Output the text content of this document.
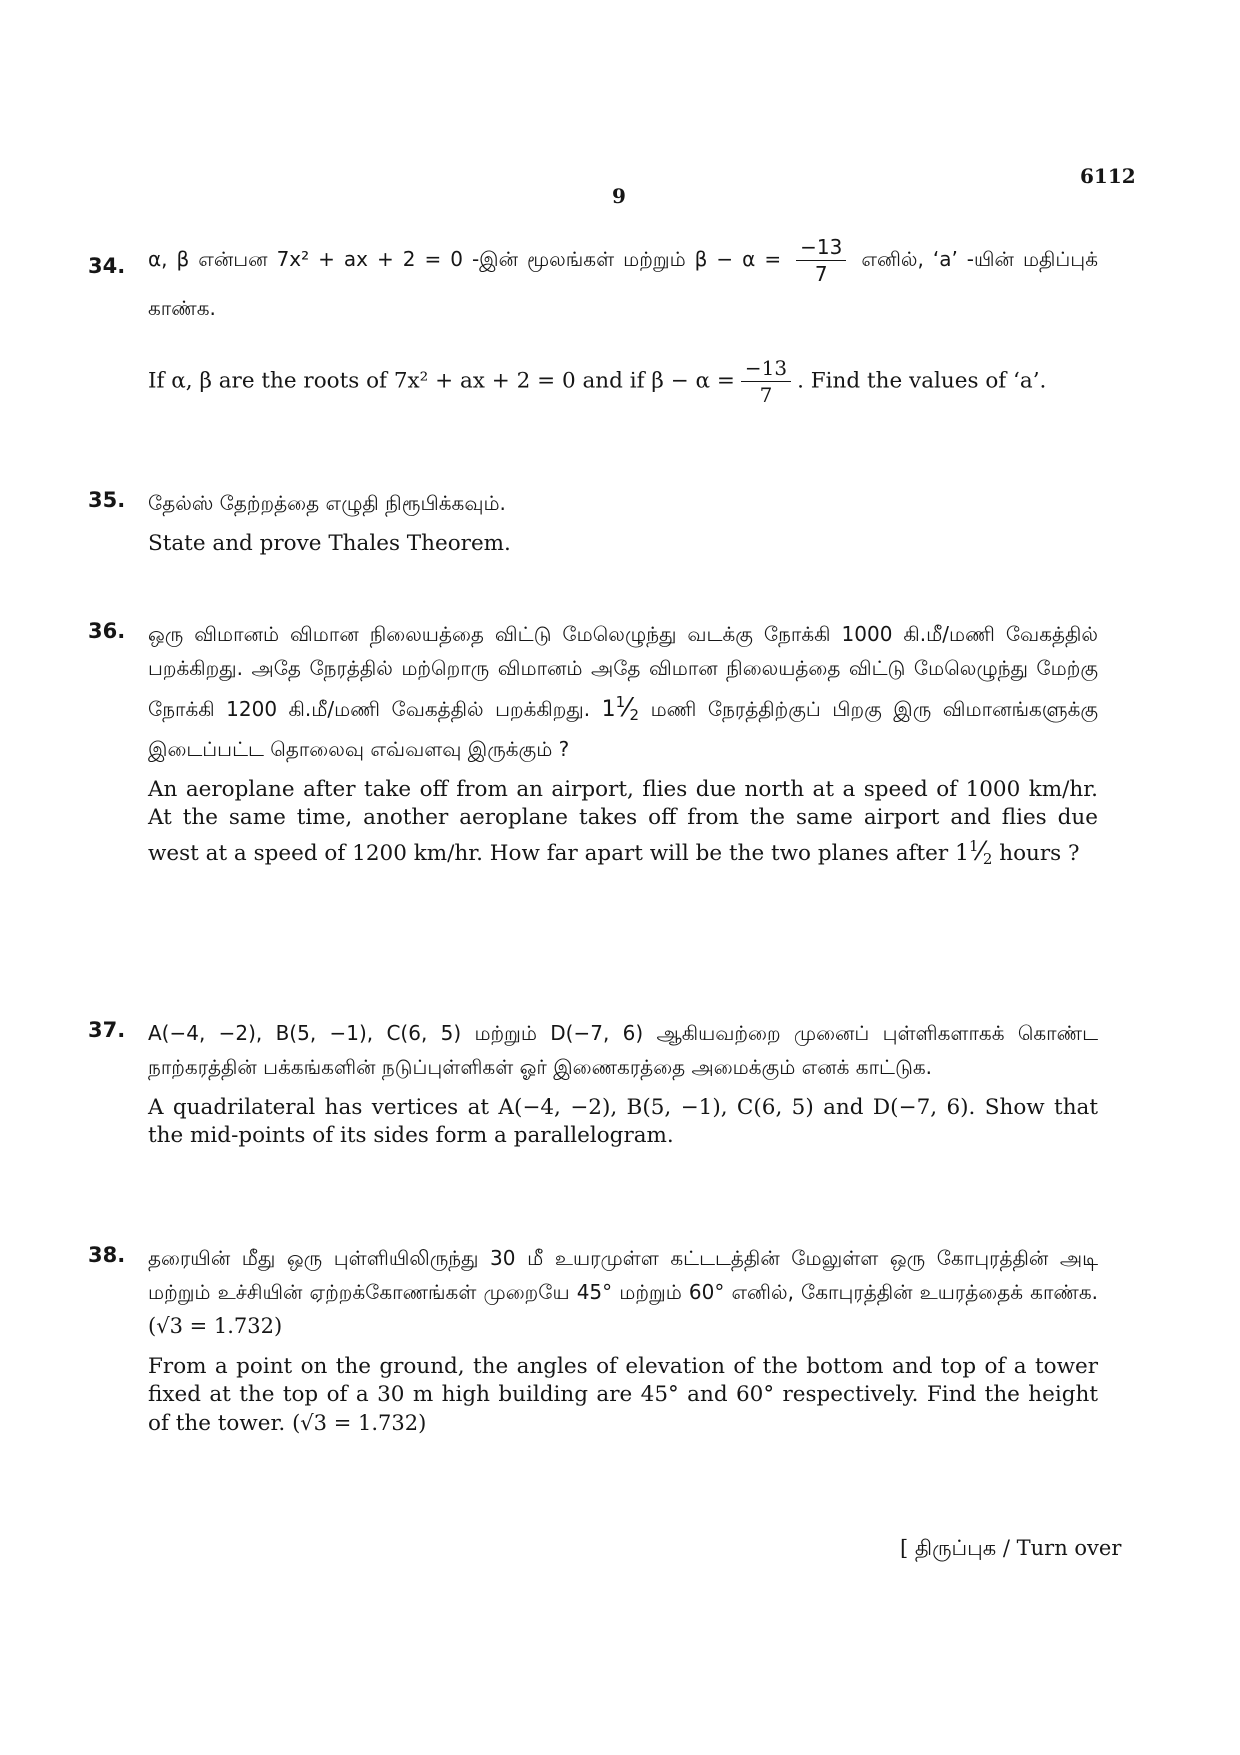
6112
9
34. α, β என்பன 7x² + ax + 2 = 0 -இன் மூலங்கள் மற்றும் $\beta - \alpha = \frac{-13}{7}$ எனில், ‘a’ -யின் மதிப்புக் காண்க.
If α, β are the roots of 7x² + ax + 2 = 0 and if $\beta - \alpha = \frac{-13}{7}$ . Find the values of ‘a’.
35. தேல்ஸ் தேற்றத்தை எழுதி நிரூபிக்கவும்.
State and prove Thales Theorem.
36. ஒரு விமானம் விமான நிலையத்தை விட்டு மேலெழுந்து வடக்கு நோக்கி 1000 கி.மீ/மணி வேகத்தில் பறக்கிறது. அதே நேரத்தில் மற்றொரு விமானம் அதே விமான நிலையத்தை விட்டு மேலெழுந்து மேற்கு நோக்கி 1200 கி.மீ/மணி வேகத்தில் பறக்கிறது. $1^1⁄_2$ மணி நேரத்திற்குப் பிறகு இரு விமானங்களுக்கு இடைப்பட்ட தொலைவு எவ்வளவு இருக்கும் ?
An aeroplane after take off from an airport, flies due north at a speed of 1000 km/hr. At the same time, another aeroplane takes off from the same airport and flies due west at a speed of 1200 km/hr. How far apart will be the two planes after $1^1⁄_2$ hours ?
37. A(−4, −2), B(5, −1), C(6, 5) மற்றும் D(−7, 6) ஆகியவற்றை முனைப் புள்ளிகளாகக் கொண்ட நாற்கரத்தின் பக்கங்களின் நடுப்புள்ளிகள் ஓர் இணைகரத்தை அமைக்கும் எனக் காட்டுக.
A quadrilateral has vertices at A(−4, −2), B(5, −1), C(6, 5) and D(−7, 6). Show that the mid-points of its sides form a parallelogram.
38. தரையின் மீது ஒரு புள்ளியிலிருந்து 30 மீ உயரமுள்ள கட்டடத்தின் மேலுள்ள ஒரு கோபுரத்தின் அடி மற்றும் உச்சியின் ஏற்றக்கோணங்கள் முறையே 45° மற்றும் 60° எனில், கோபுரத்தின் உயரத்தைக் காண்க. (√3 = 1.732)
From a point on the ground, the angles of elevation of the bottom and top of a tower fixed at the top of a 30 m high building are 45° and 60° respectively. Find the height of the tower. (√3 = 1.732)
[ திருப்புக / Turn over
